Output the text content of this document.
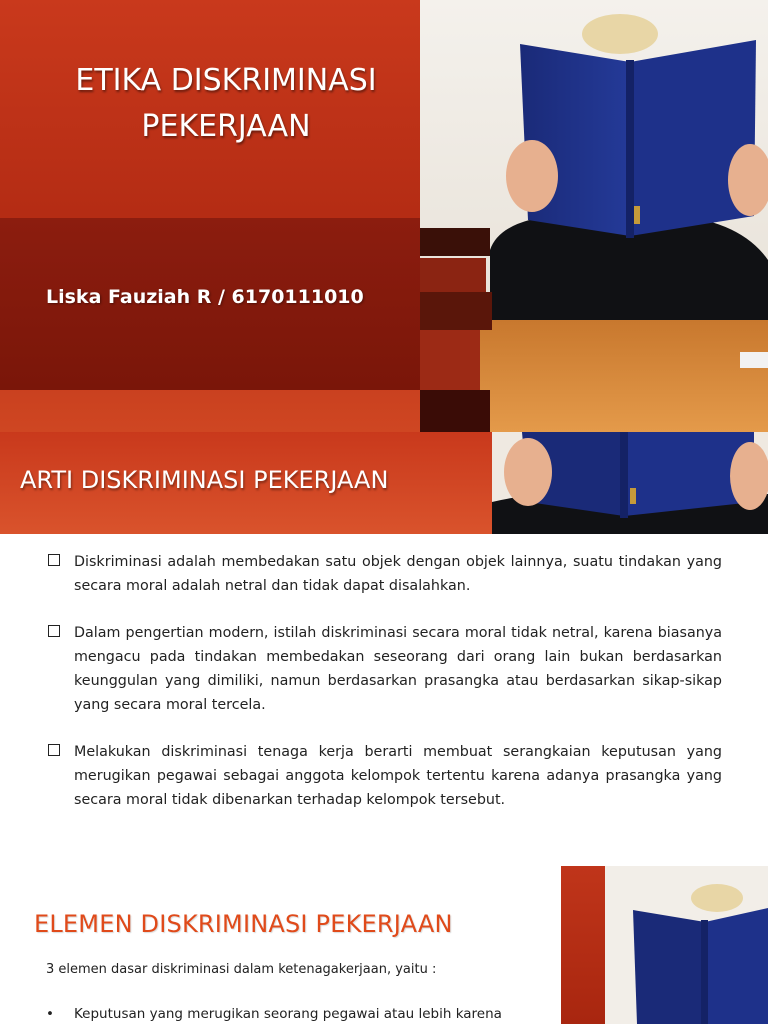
ETIKA DISKRIMINASI
PEKERJAAN
Liska Fauziah R / 6170111010
ARTI DISKRIMINASI PEKERJAAN
Diskriminasi adalah membedakan satu objek dengan objek lainnya, suatu tindakan yang secara moral adalah netral dan tidak dapat disalahkan.
Dalam pengertian modern, istilah diskriminasi secara moral tidak netral, karena biasanya mengacu pada tindakan membedakan seseorang dari orang lain bukan berdasarkan keunggulan yang dimiliki, namun berdasarkan prasangka atau berdasarkan sikap-sikap yang secara moral tercela.
Melakukan diskriminasi tenaga kerja berarti membuat serangkaian keputusan yang merugikan pegawai sebagai anggota kelompok tertentu karena adanya prasangka yang secara moral tidak dibenarkan terhadap kelompok tersebut.
ELEMEN DISKRIMINASI PEKERJAAN
3 elemen dasar diskriminasi dalam ketenagakerjaan, yaitu :
•	Keputusan yang merugikan seorang pegawai atau lebih karena
